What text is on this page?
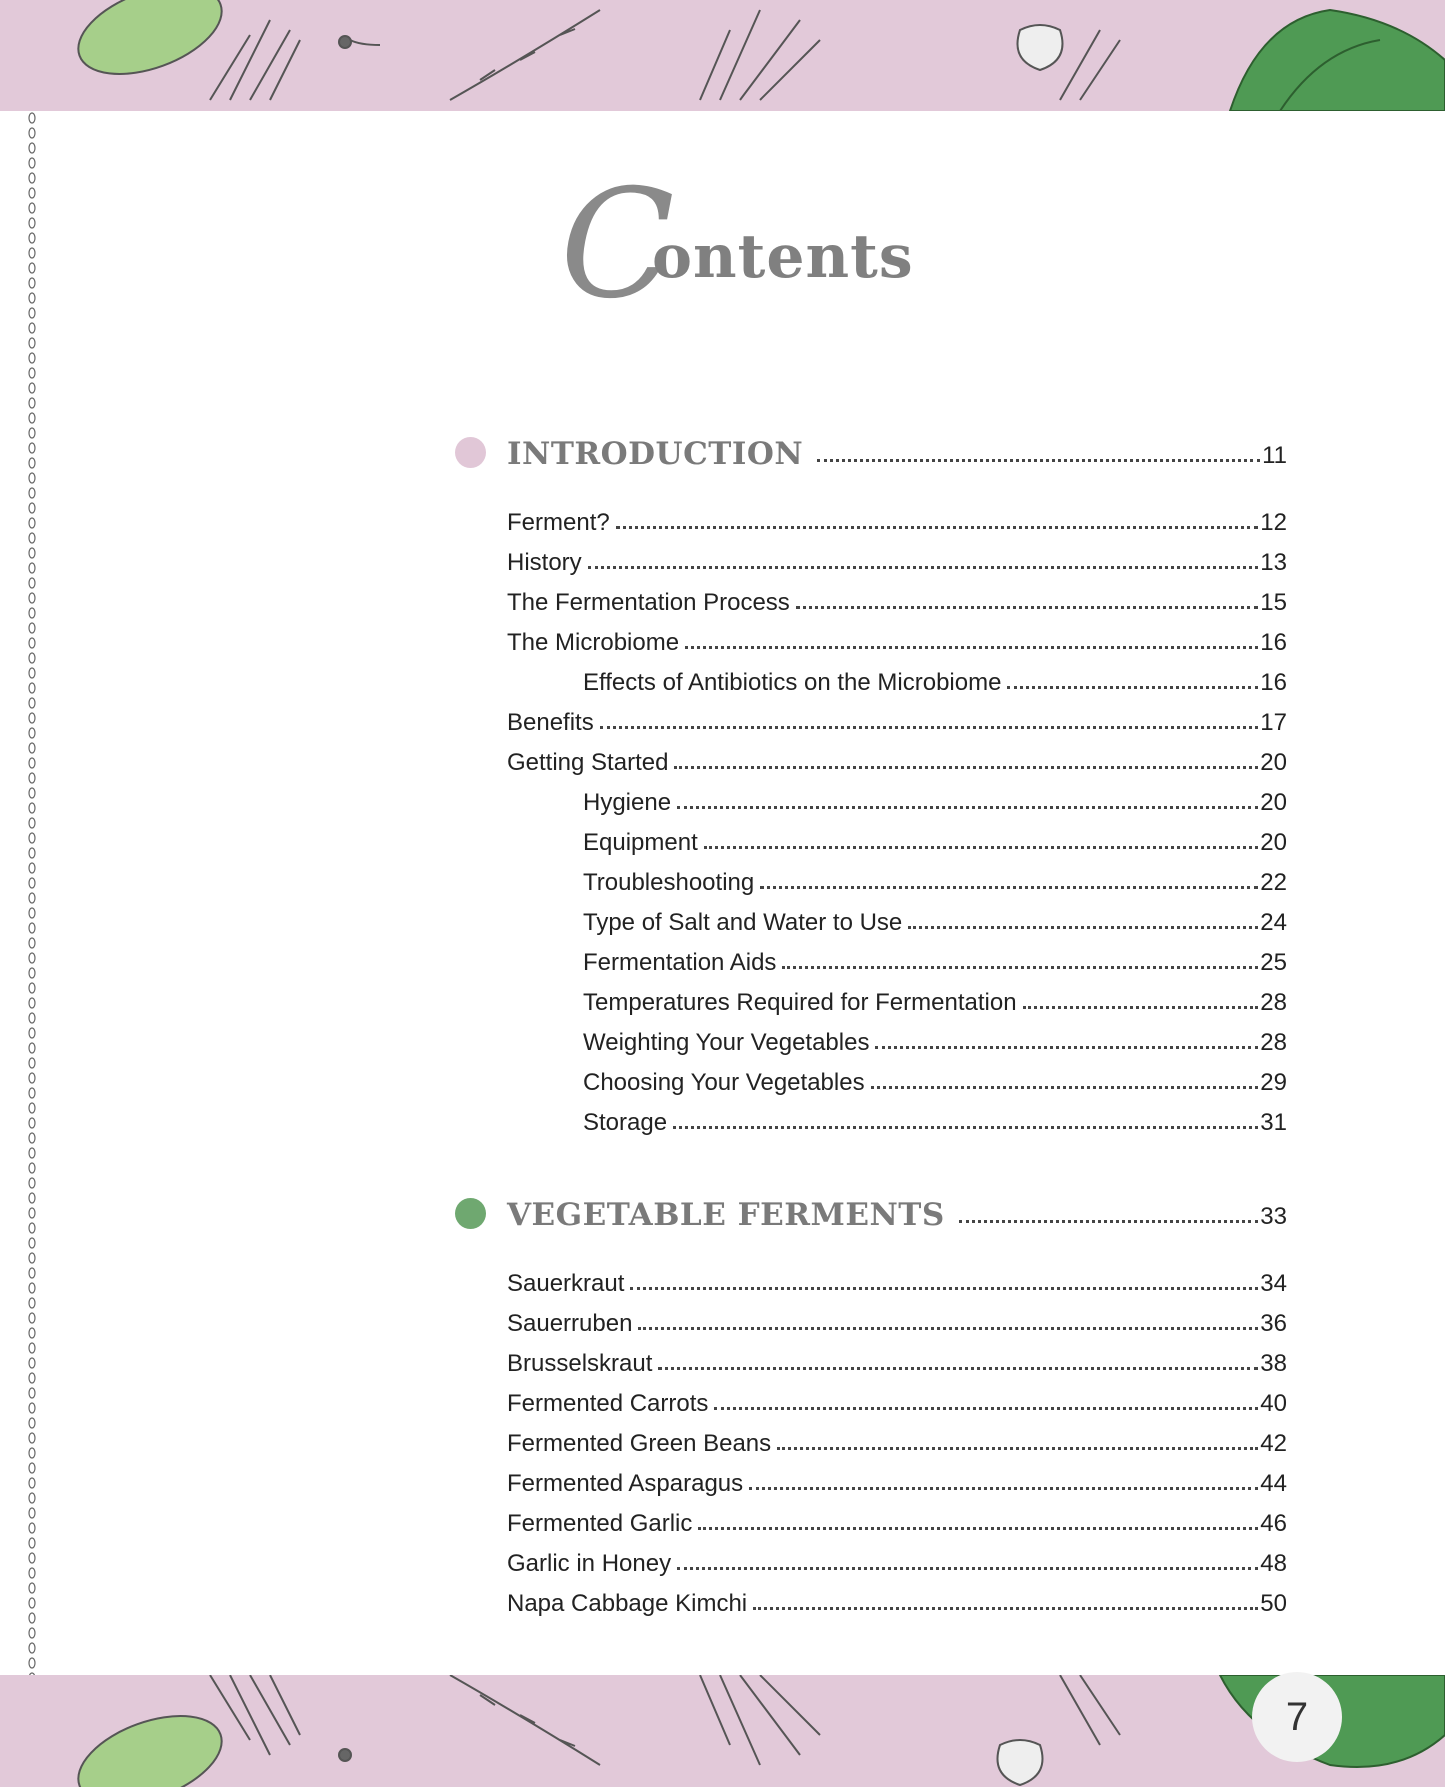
C
ontents
INTRODUCTION	11
Ferment?	12
History	13
The Fermentation Process	15
The Microbiome	16
Effects of Antibiotics on the Microbiome	16
Benefits	17
Getting Started	20
Hygiene	20
Equipment	20
Troubleshooting	22
Type of Salt and Water to Use	24
Fermentation Aids	25
Temperatures Required for Fermentation	28
Weighting Your Vegetables	28
Choosing Your Vegetables	29
Storage	31
VEGETABLE FERMENTS	33
Sauerkraut	34
Sauerruben	36
Brusselskraut	38
Fermented Carrots	40
Fermented Green Beans	42
Fermented Asparagus	44
Fermented Garlic	46
Garlic in Honey	48
Napa Cabbage Kimchi	50
7
